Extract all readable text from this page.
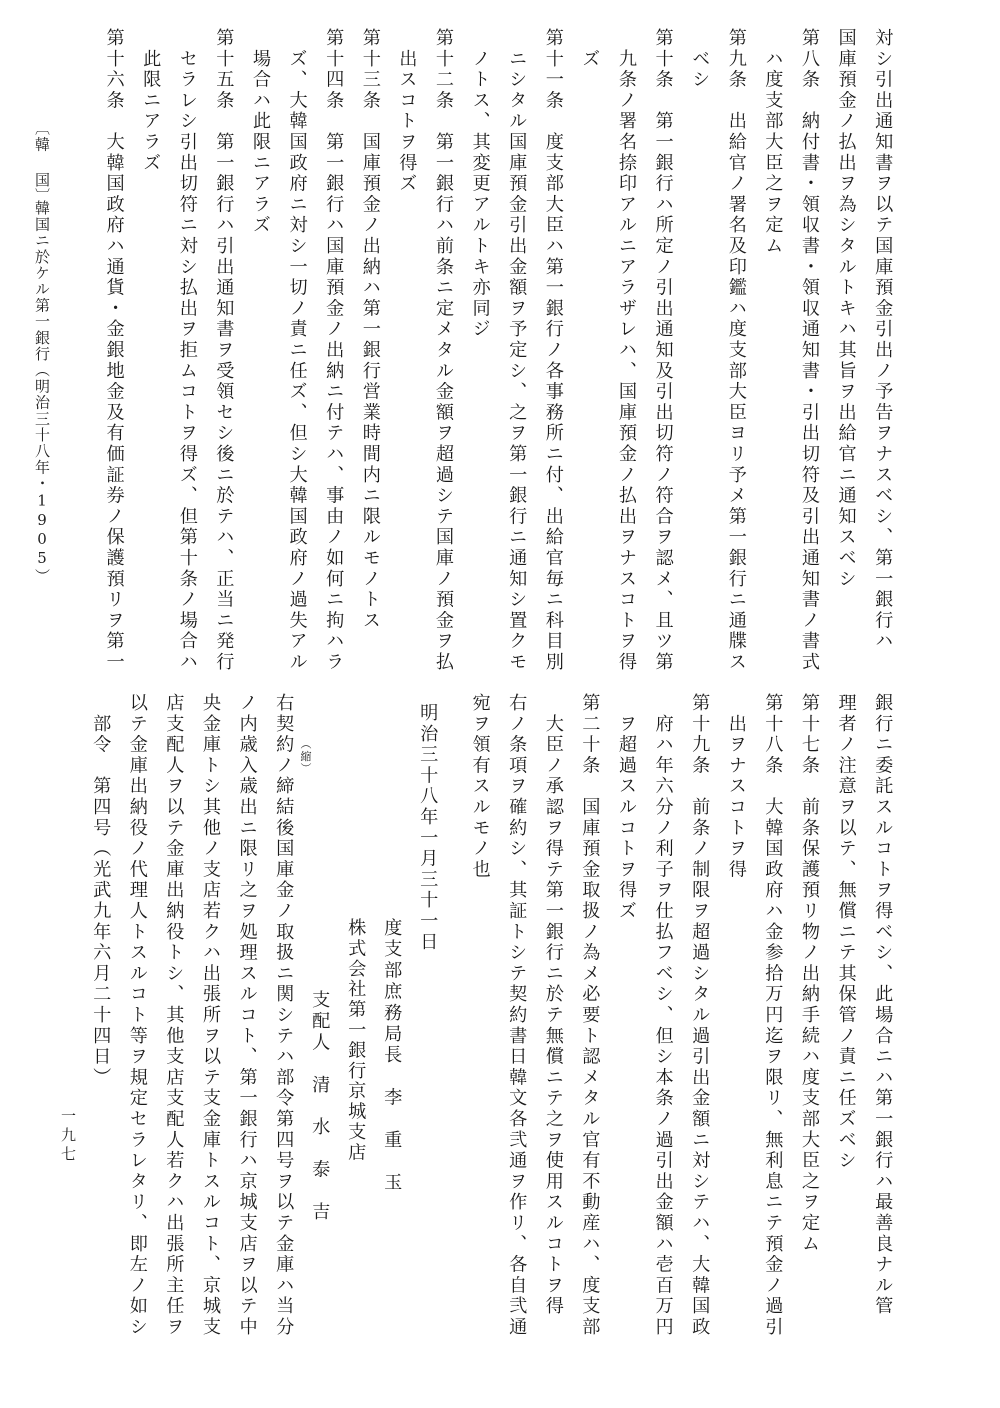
〔韓 国〕
韓国ニ於ケル第一銀行（明治三十八年・1905）	対シ引出通知書ヲ以テ国庫預金引出ノ予告ヲナスベシ、第一銀行ハ
国庫預金ノ払出ヲ為シタルトキハ其旨ヲ出給官ニ通知スベシ
第八条　納付書・領収書・領収通知書・引出切符及引出通知書ノ書式
　ハ度支部大臣之ヲ定ム
第九条　出給官ノ署名及印鑑ハ度支部大臣ヨリ予メ第一銀行ニ通牒ス
　ベシ
第十条　第一銀行ハ所定ノ引出通知及引出切符ノ符合ヲ認メ、且ツ第
　九条ノ署名捺印アルニアラザレハ、国庫預金ノ払出ヲナスコトヲ得
　ズ
第十一条　度支部大臣ハ第一銀行ノ各事務所ニ付、出給官毎ニ科目別
　ニシタル国庫預金引出金額ヲ予定シ、之ヲ第一銀行ニ通知シ置クモ
　ノトス、其変更アルトキ亦同ジ
第十二条　第一銀行ハ前条ニ定メタル金額ヲ超過シテ国庫ノ預金ヲ払
　出スコトヲ得ズ
第十三条　国庫預金ノ出納ハ第一銀行営業時間内ニ限ルモノトス
第十四条　第一銀行ハ国庫預金ノ出納ニ付テハ、事由ノ如何ニ拘ハラ
　ズ、大韓国政府ニ対シ一切ノ責ニ任ズ、但シ大韓国政府ノ過失アル
　場合ハ此限ニアラズ
第十五条　第一銀行ハ引出通知書ヲ受領セシ後ニ於テハ、正当ニ発行
　セラレシ引出切符ニ対シ払出ヲ拒ムコトヲ得ズ、但第十条ノ場合ハ
　此限ニアラズ
第十六条　大韓国政府ハ通貨・金銀地金及有価証券ノ保護預リヲ第一
銀行ニ委託スルコトヲ得ベシ、此場合ニハ第一銀行ハ最善良ナル管
理者ノ注意ヲ以テ、無償ニテ其保管ノ責ニ任ズベシ
第十七条　前条保護預リ物ノ出納手続ハ度支部大臣之ヲ定ム
第十八条　大韓国政府ハ金参拾万円迄ヲ限リ、無利息ニテ預金ノ過引
　出ヲナスコトヲ得
第十九条　前条ノ制限ヲ超過シタル過引出金額ニ対シテハ、大韓国政
　府ハ年六分ノ利子ヲ仕払フベシ、但シ本条ノ過引出金額ハ壱百万円
　ヲ超過スルコトヲ得ズ
第二十条　国庫預金取扱ノ為メ必要ト認メタル官有不動産ハ、度支部
　大臣ノ承認ヲ得テ第一銀行ニ於テ無償ニテ之ヲ使用スルコトヲ得
右ノ条項ヲ確約シ、其証トシテ契約書日韓文各弐通ヲ作リ、各自弐通
宛ヲ領有スルモノ也
明治三十八年一月三十一日
度支部庶務局長　李　重　玉
株式会社第一銀行京城支店
支配人　清　水　泰　吉
（縮）
右契約ノ締結後国庫金ノ取扱ニ関シテハ部令第四号ヲ以テ金庫ハ当分
ノ内歳入歳出ニ限リ之ヲ処理スルコト、第一銀行ハ京城支店ヲ以テ中
央金庫トシ其他ノ支店若クハ出張所ヲ以テ支金庫トスルコト、京城支
店支配人ヲ以テ金庫出納役トシ、其他支店支配人若クハ出張所主任ヲ
以テ金庫出納役ノ代理人トスルコト等ヲ規定セラレタリ、即左ノ如シ
　部令　第四号（光武九年六月二十四日）
一九七
